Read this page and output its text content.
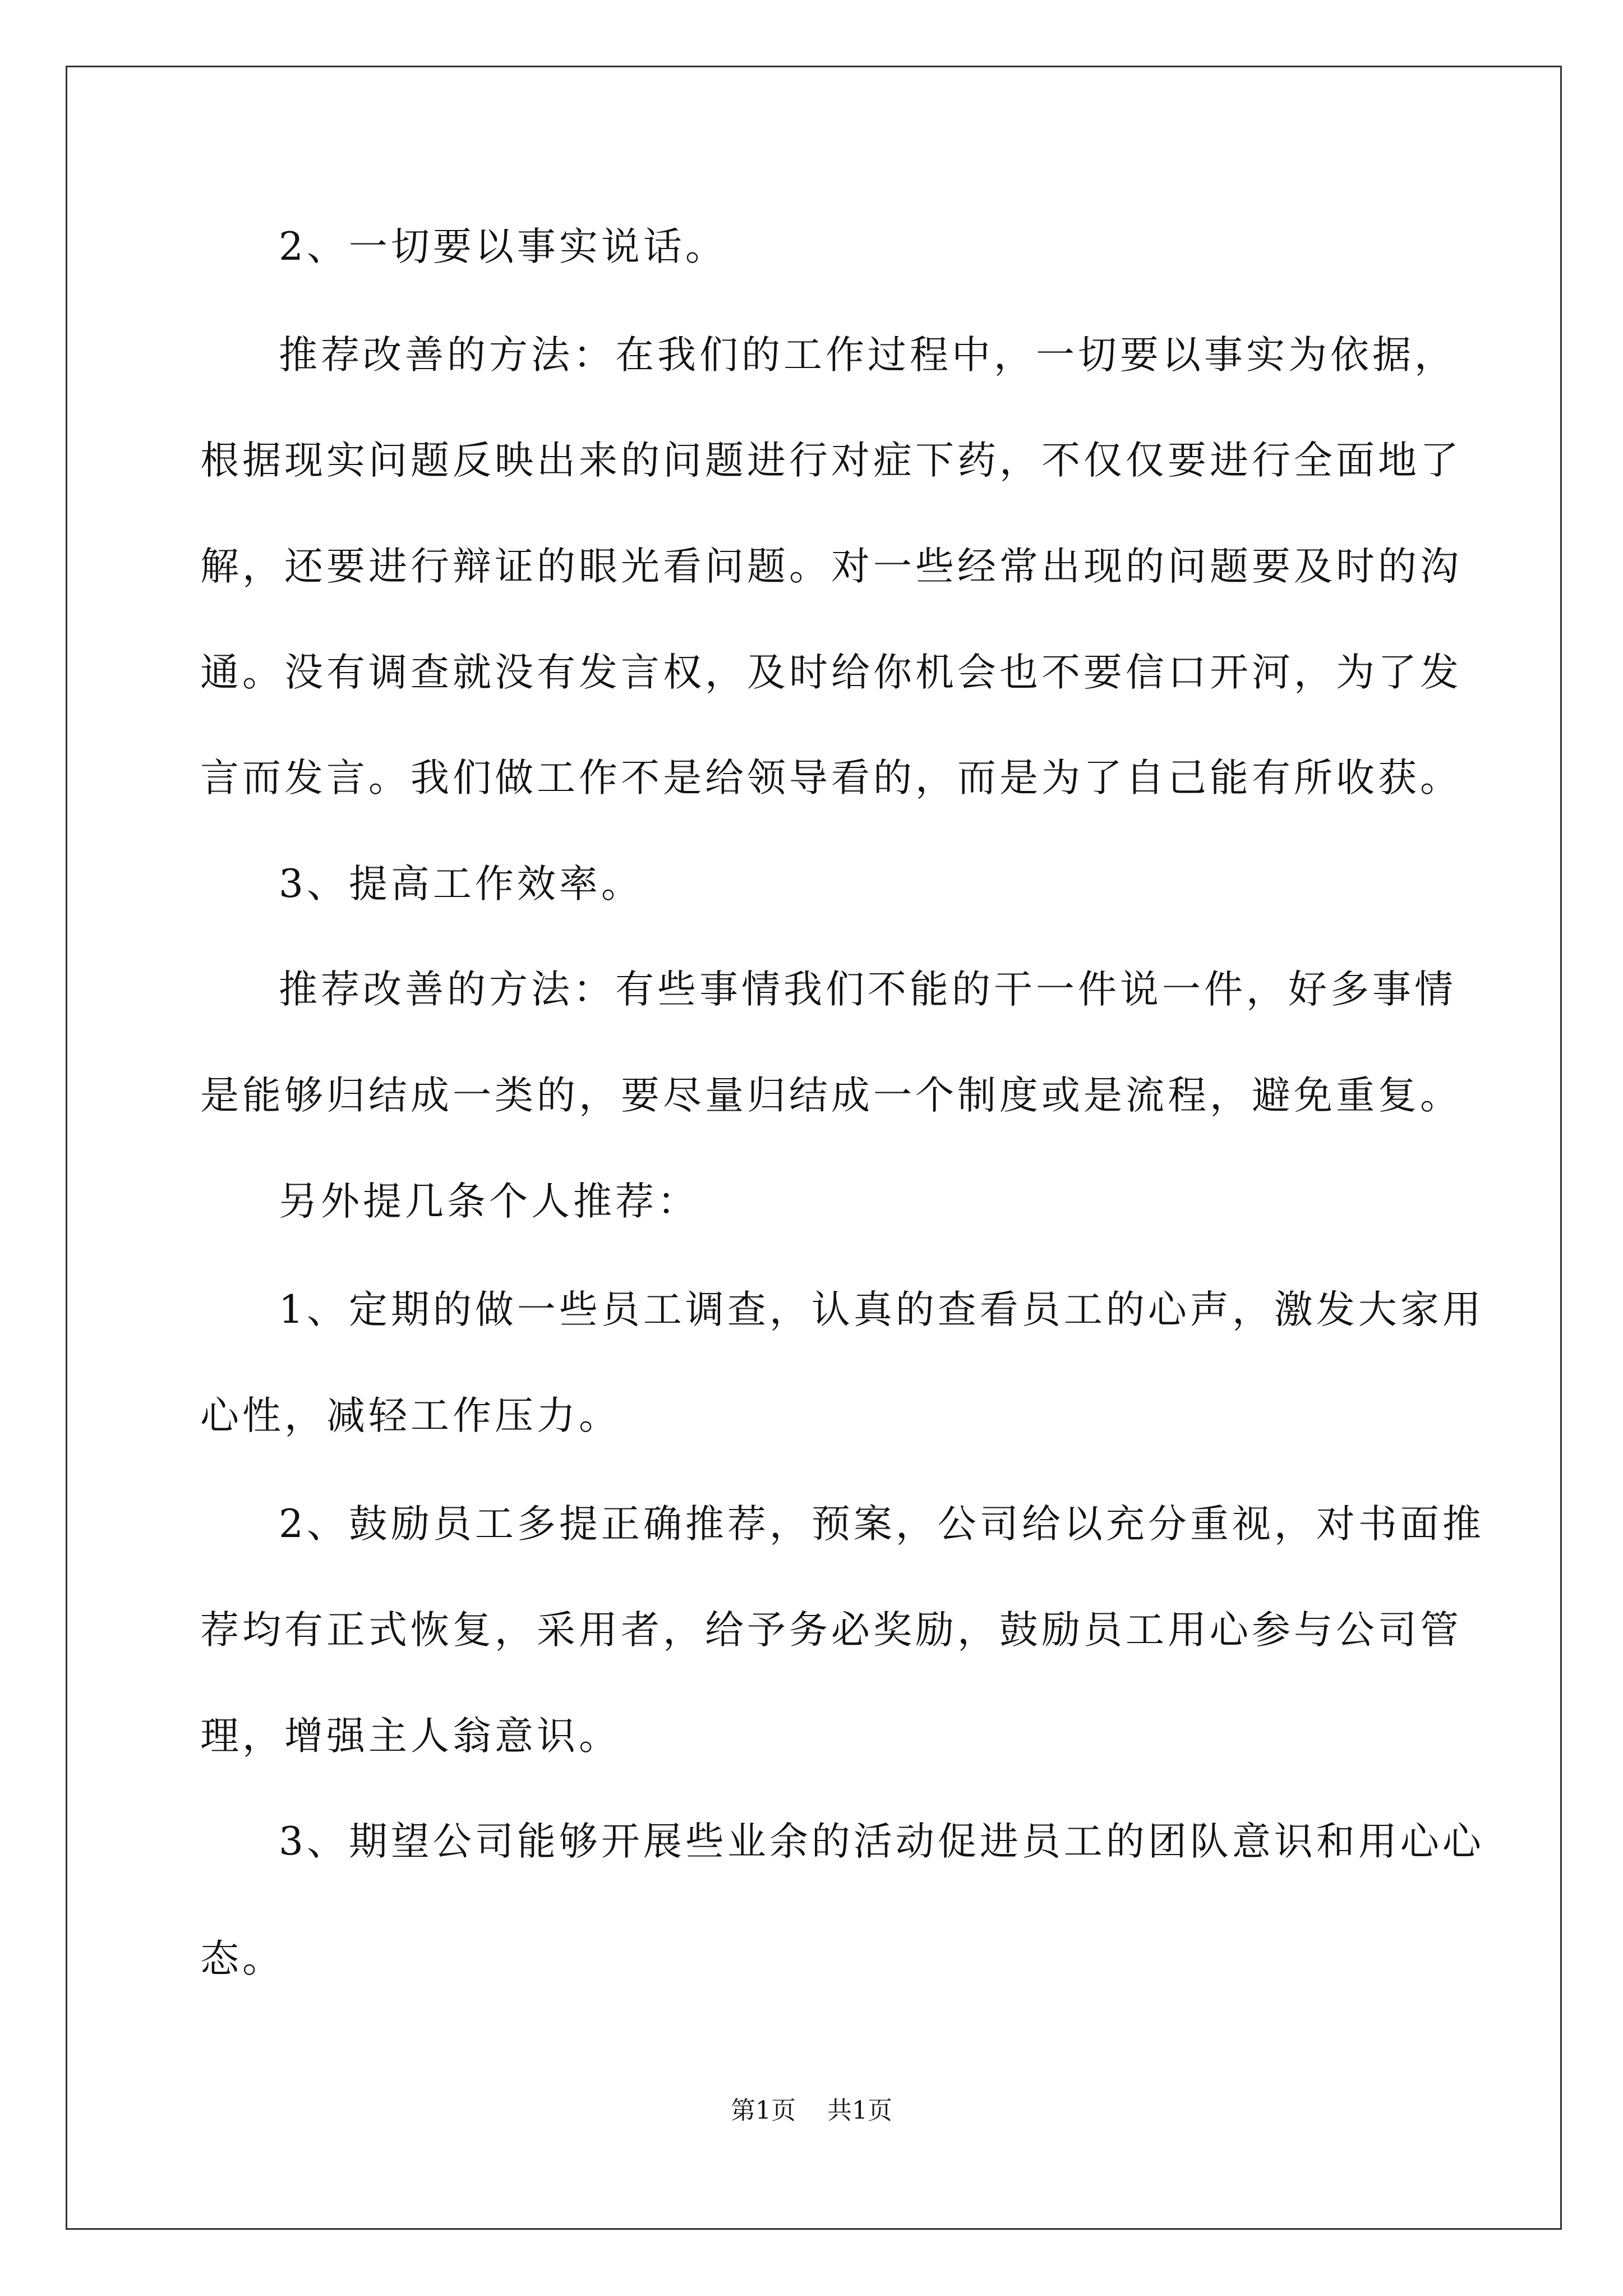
2、一切要以事实说话。
推荐改善的方法：在我们的工作过程中，一切要以事实为依据，
根据现实问题反映出来的问题进行对症下药，不仅仅要进行全面地了
解，还要进行辩证的眼光看问题。对一些经常出现的问题要及时的沟
通。没有调查就没有发言权，及时给你机会也不要信口开河，为了发
言而发言。我们做工作不是给领导看的，而是为了自己能有所收获。
3、提高工作效率。
推荐改善的方法：有些事情我们不能的干一件说一件，好多事情
是能够归结成一类的，要尽量归结成一个制度或是流程，避免重复。
另外提几条个人推荐：
1、定期的做一些员工调查，认真的查看员工的心声，激发大家用
心性，减轻工作压力。
2、鼓励员工多提正确推荐，预案，公司给以充分重视，对书面推
荐均有正式恢复，采用者，给予务必奖励，鼓励员工用心参与公司管
理，增强主人翁意识。
3、期望公司能够开展些业余的活动促进员工的团队意识和用心心
态。
第1页 共1页
